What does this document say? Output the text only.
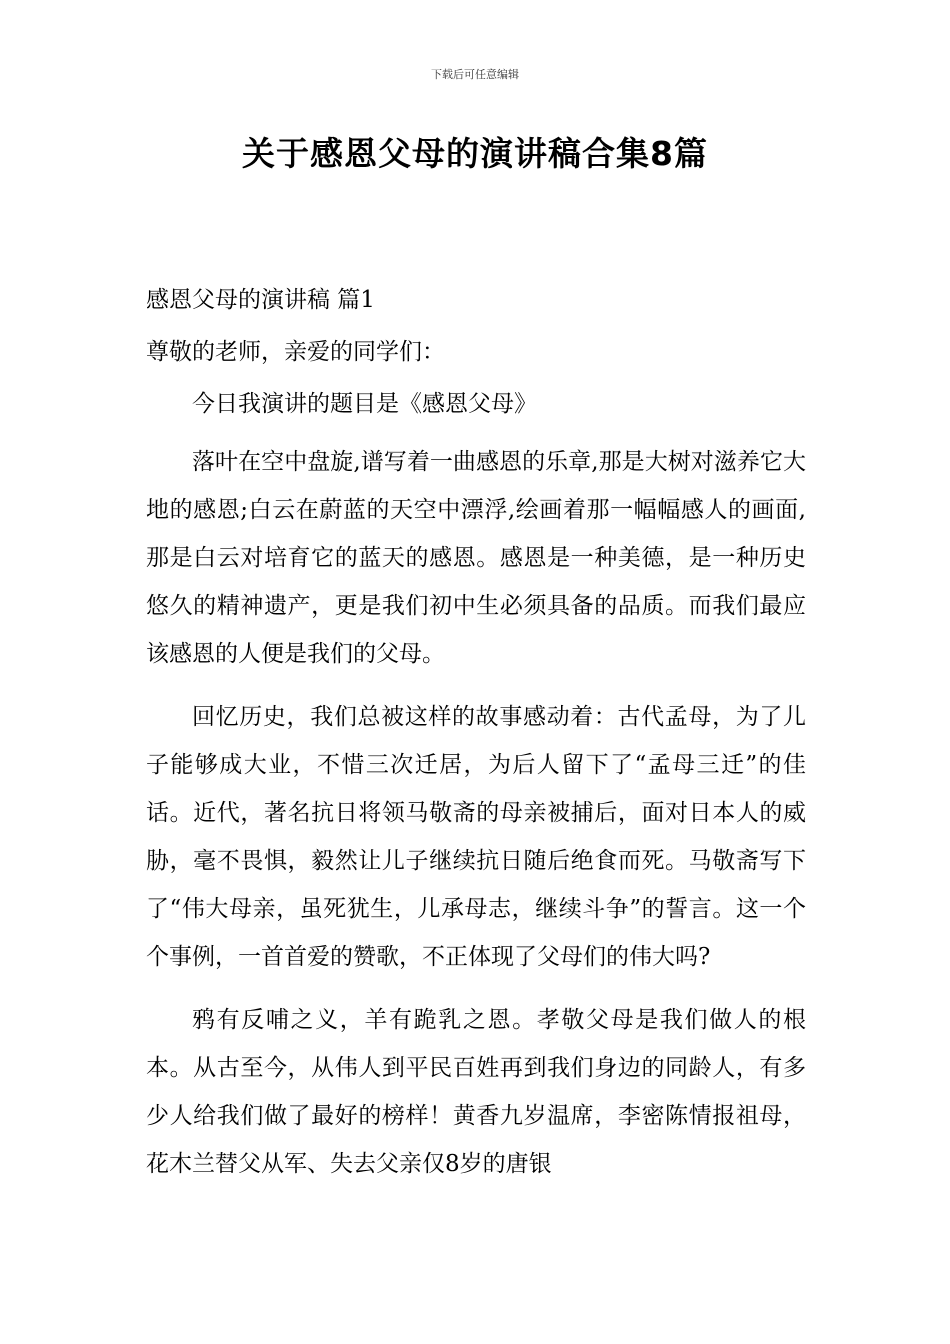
下载后可任意编辑
关于感恩父母的演讲稿合集8篇

感恩父母的演讲稿 篇1

尊敬的老师，亲爱的同学们：

今日我演讲的题目是《感恩父母》

落叶在空中盘旋,谱写着一曲感恩的乐章,那是大树对滋养它大地的感恩;白云在蔚蓝的天空中漂浮,绘画着那一幅幅感人的画面,那是白云对培育它的蓝天的感恩。感恩是一种美德，是一种历史悠久的精神遗产，更是我们初中生必须具备的品质。而我们最应该感恩的人便是我们的父母。

回忆历史，我们总被这样的故事感动着：古代孟母，为了儿子能够成大业，不惜三次迁居，为后人留下了“孟母三迁”的佳话。近代，著名抗日将领马敬斋的母亲被捕后，面对日本人的威胁，毫不畏惧，毅然让儿子继续抗日随后绝食而死。马敬斋写下了“伟大母亲，虽死犹生，儿承母志，继续斗争”的誓言。这一个个事例，一首首爱的赞歌，不正体现了父母们的伟大吗?

鸦有反哺之义，羊有跪乳之恩。孝敬父母是我们做人的根本。从古至今，从伟人到平民百姓再到我们身边的同龄人，有多少人给我们做了最好的榜样！黄香九岁温席，李密陈情报祖母，花木兰替父从军、失去父亲仅8岁的唐银
